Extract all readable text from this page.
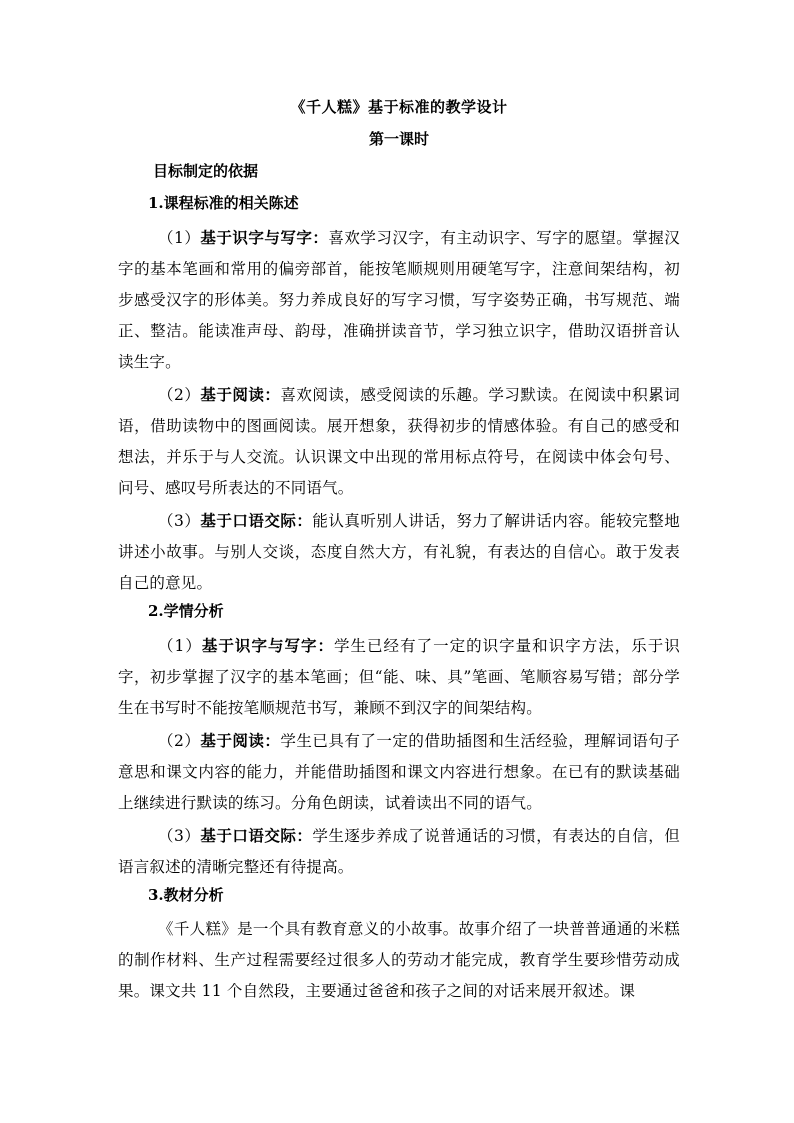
《千人糕》基于标准的教学设计
第一课时
目标制定的依据
1.课程标准的相关陈述

（1）基于识字与写字：喜欢学习汉字，有主动识字、写字的愿望。掌握汉字的基本笔画和常用的偏旁部首，能按笔顺规则用硬笔写字，注意间架结构，初步感受汉字的形体美。努力养成良好的写字习惯，写字姿势正确，书写规范、端正、整洁。能读准声母、韵母，准确拼读音节，学习独立识字，借助汉语拼音认读生字。

（2）基于阅读：喜欢阅读，感受阅读的乐趣。学习默读。在阅读中积累词语，借助读物中的图画阅读。展开想象，获得初步的情感体验。有自己的感受和想法，并乐于与人交流。认识课文中出现的常用标点符号，在阅读中体会句号、问号、感叹号所表达的不同语气。

（3）基于口语交际：能认真听别人讲话，努力了解讲话内容。能较完整地讲述小故事。与别人交谈，态度自然大方，有礼貌，有表达的自信心。敢于发表自己的意见。

2.学情分析

（1）基于识字与写字：学生已经有了一定的识字量和识字方法，乐于识字，初步掌握了汉字的基本笔画；但“能、味、具”笔画、笔顺容易写错；部分学生在书写时不能按笔顺规范书写，兼顾不到汉字的间架结构。

（2）基于阅读：学生已具有了一定的借助插图和生活经验，理解词语句子意思和课文内容的能力，并能借助插图和课文内容进行想象。在已有的默读基础上继续进行默读的练习。分角色朗读，试着读出不同的语气。

（3）基于口语交际：学生逐步养成了说普通话的习惯，有表达的自信，但语言叙述的清晰完整还有待提高。

3.教材分析

《千人糕》是一个具有教育意义的小故事。故事介绍了一块普普通通的米糕的制作材料、生产过程需要经过很多人的劳动才能完成，教育学生要珍惜劳动成果。课文共 11 个自然段，主要通过爸爸和孩子之间的对话来展开叙述。课
